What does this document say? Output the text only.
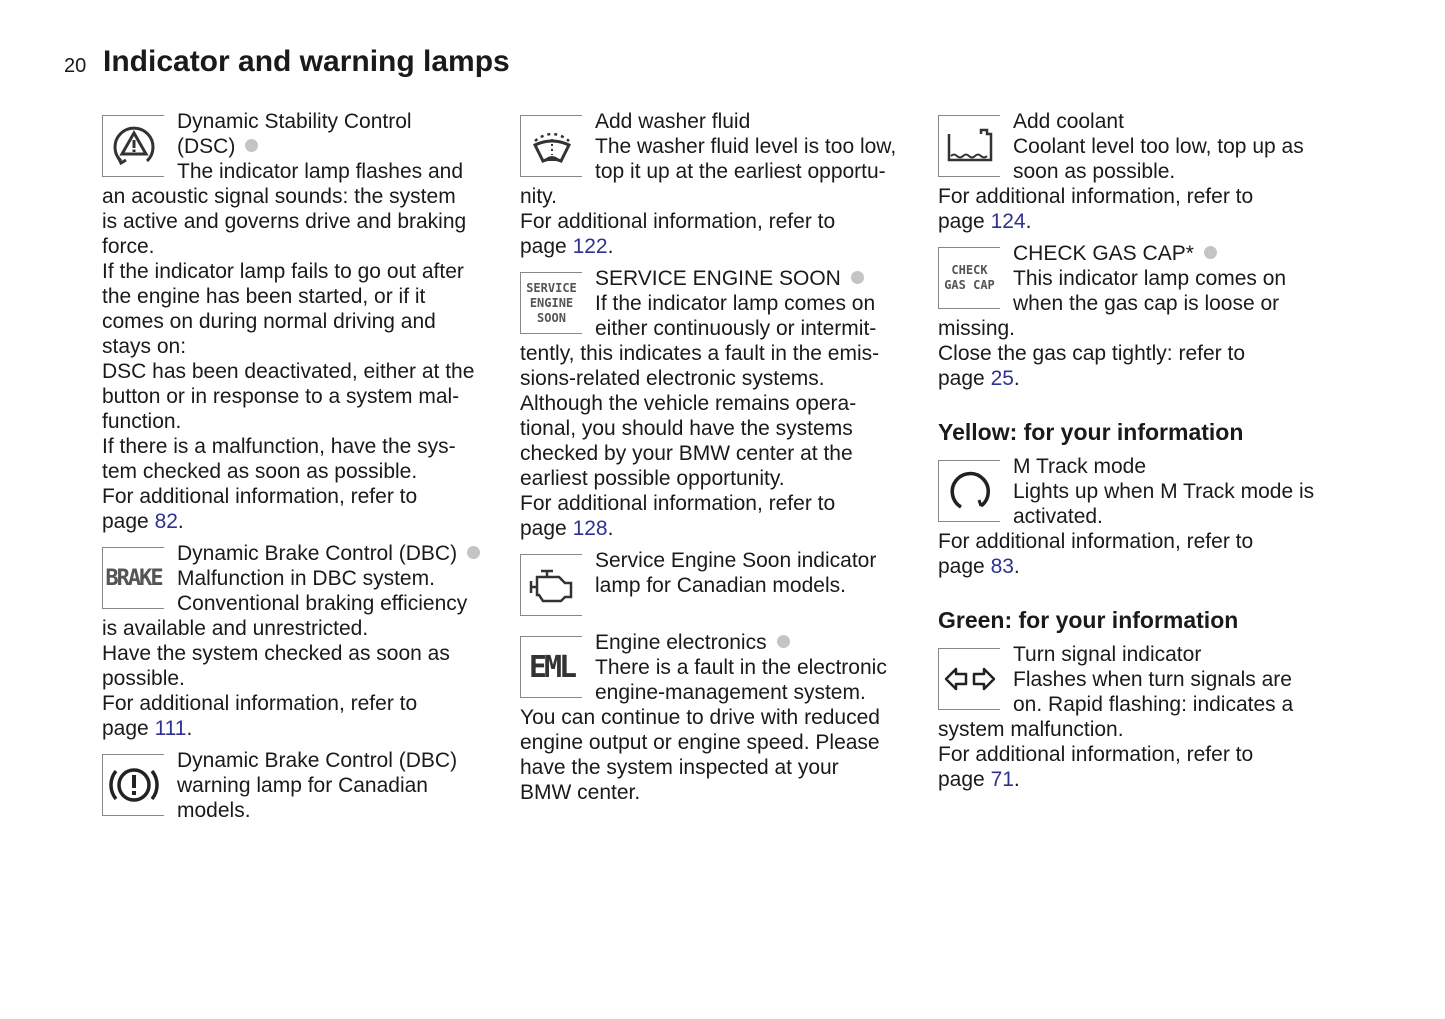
20 Indicator and warning lamps
Dynamic Stability Control
(DSC)
The indicator lamp flashes and
an acoustic signal sounds: the system
is active and governs drive and braking
force.
If the indicator lamp fails to go out after
the engine has been started, or if it
comes on during normal driving and
stays on:
DSC has been deactivated, either at the
button or in response to a system mal-
function.
If there is a malfunction, have the sys-
tem checked as soon as possible.
For additional information, refer to
page 82.
BRAKE
Dynamic Brake Control (DBC)
Malfunction in DBC system.
Conventional braking efficiency
is available and unrestricted.
Have the system checked as soon as
possible.
For additional information, refer to
page 111.
Dynamic Brake Control (DBC)
warning lamp for Canadian
models.
Add washer fluid
The washer fluid level is too low,
top it up at the earliest opportu-
nity.
For additional information, refer to
page 122.
SERVICE
ENGINE
SOON
SERVICE ENGINE SOON
If the indicator lamp comes on
either continuously or intermit-
tently, this indicates a fault in the emis-
sions-related electronic systems.
Although the vehicle remains opera-
tional, you should have the systems
checked by your BMW center at the
earliest possible opportunity.
For additional information, refer to
page 128.
Service Engine Soon indicator
lamp for Canadian models.
EML
Engine electronics
There is a fault in the electronic
engine-management system.
You can continue to drive with reduced
engine output or engine speed. Please
have the system inspected at your
BMW center.
Add coolant
Coolant level too low, top up as
soon as possible.
For additional information, refer to
page 124.
CHECK
GAS CAP
CHECK GAS CAP*
This indicator lamp comes on
when the gas cap is loose or
missing.
Close the gas cap tightly: refer to
page 25.
Yellow: for your information
M Track mode
Lights up when M Track mode is
activated.
For additional information, refer to
page 83.
Green: for your information
Turn signal indicator
Flashes when turn signals are
on. Rapid flashing: indicates a
system malfunction.
For additional information, refer to
page 71.
